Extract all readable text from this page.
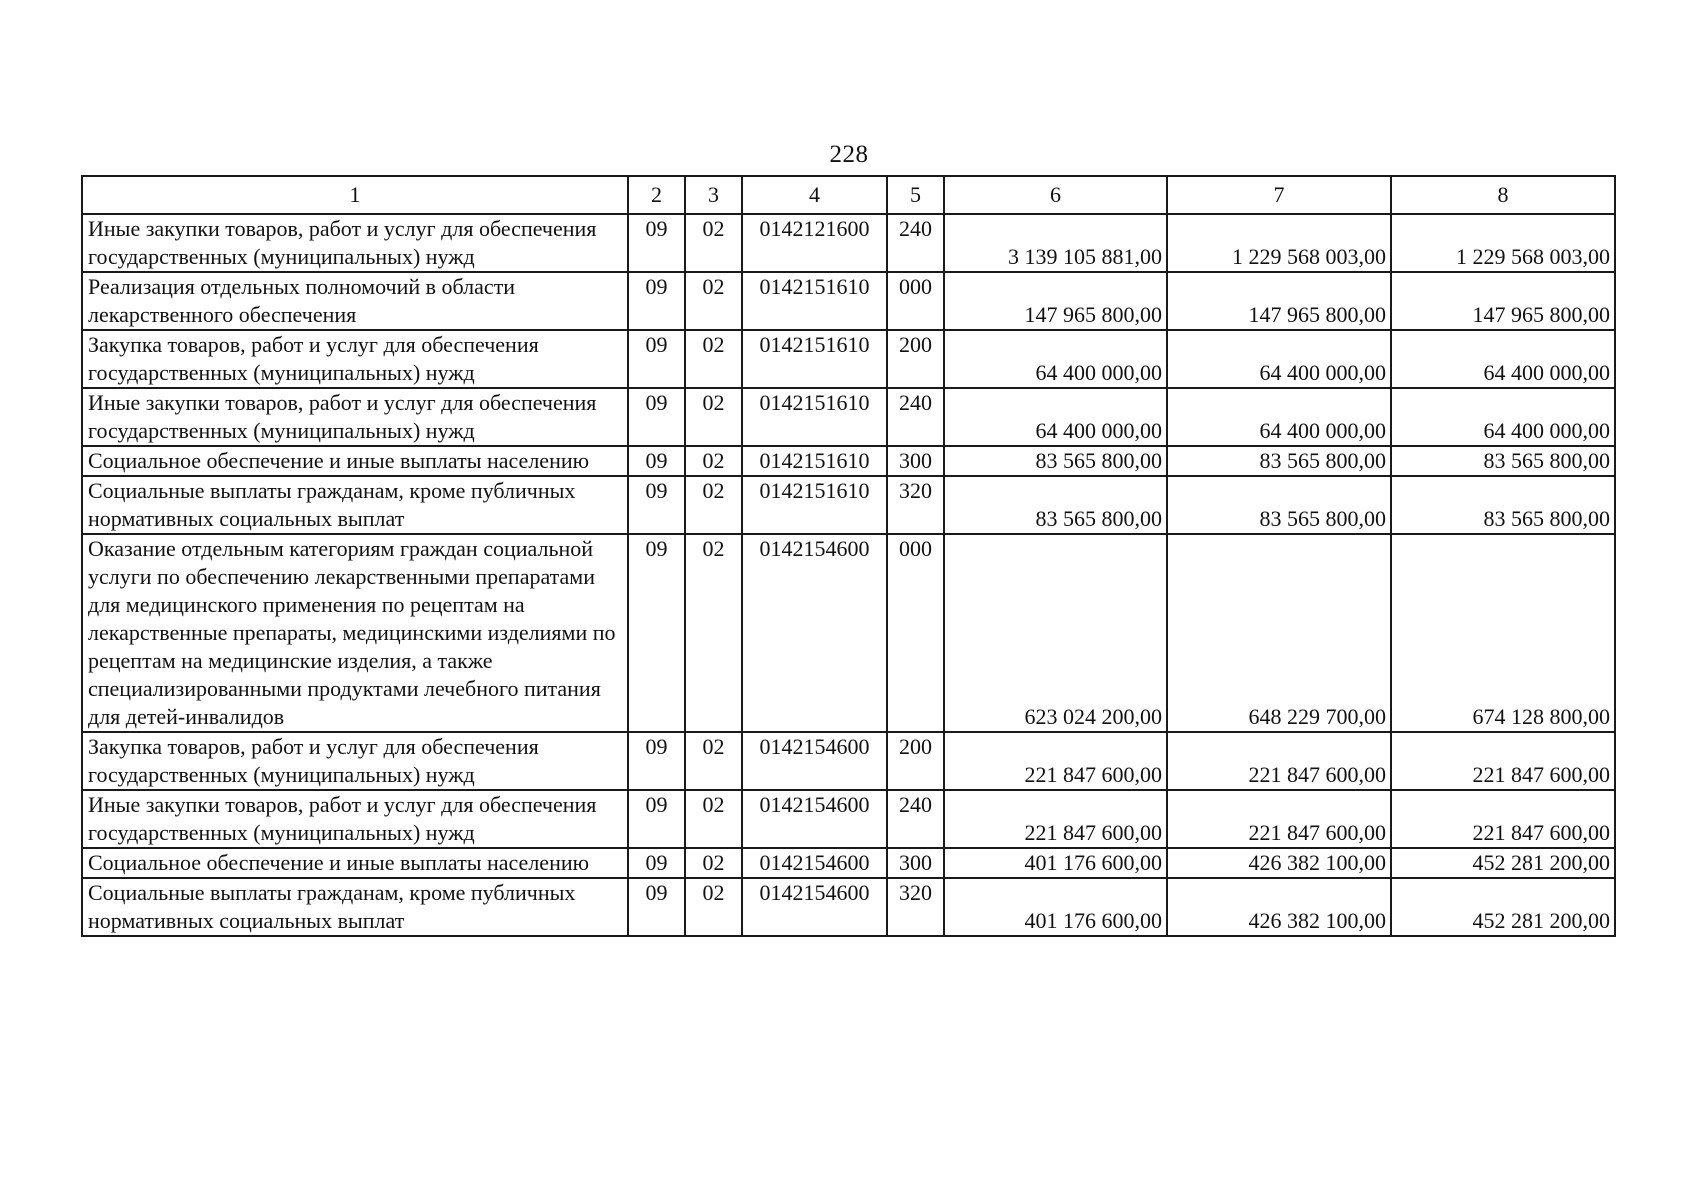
228
1	2	3	4	5	6	7	8
Иные закупки товаров, работ и услуг для обеспечения государственных (муниципальных) нужд	09	02	0142121600	240	3 139 105 881,00	1 229 568 003,00	1 229 568 003,00
Реализация отдельных полномочий в области лекарственного обеспечения	09	02	0142151610	000	147 965 800,00	147 965 800,00	147 965 800,00
Закупка товаров, работ и услуг для обеспечения государственных (муниципальных) нужд	09	02	0142151610	200	64 400 000,00	64 400 000,00	64 400 000,00
Иные закупки товаров, работ и услуг для обеспечения государственных (муниципальных) нужд	09	02	0142151610	240	64 400 000,00	64 400 000,00	64 400 000,00
Социальное обеспечение и иные выплаты населению	09	02	0142151610	300	83 565 800,00	83 565 800,00	83 565 800,00
Социальные выплаты гражданам, кроме публичных нормативных социальных выплат	09	02	0142151610	320	83 565 800,00	83 565 800,00	83 565 800,00
Оказание отдельным категориям граждан социальной услуги по обеспечению лекарственными препаратами для медицинского применения по рецептам на лекарственные препараты, медицинскими изделиями по рецептам на медицинские изделия, а также специализированными продуктами лечебного питания для детей-инвалидов	09	02	0142154600	000	623 024 200,00	648 229 700,00	674 128 800,00
Закупка товаров, работ и услуг для обеспечения государственных (муниципальных) нужд	09	02	0142154600	200	221 847 600,00	221 847 600,00	221 847 600,00
Иные закупки товаров, работ и услуг для обеспечения государственных (муниципальных) нужд	09	02	0142154600	240	221 847 600,00	221 847 600,00	221 847 600,00
Социальное обеспечение и иные выплаты населению	09	02	0142154600	300	401 176 600,00	426 382 100,00	452 281 200,00
Социальные выплаты гражданам, кроме публичных нормативных социальных выплат	09	02	0142154600	320	401 176 600,00	426 382 100,00	452 281 200,00
